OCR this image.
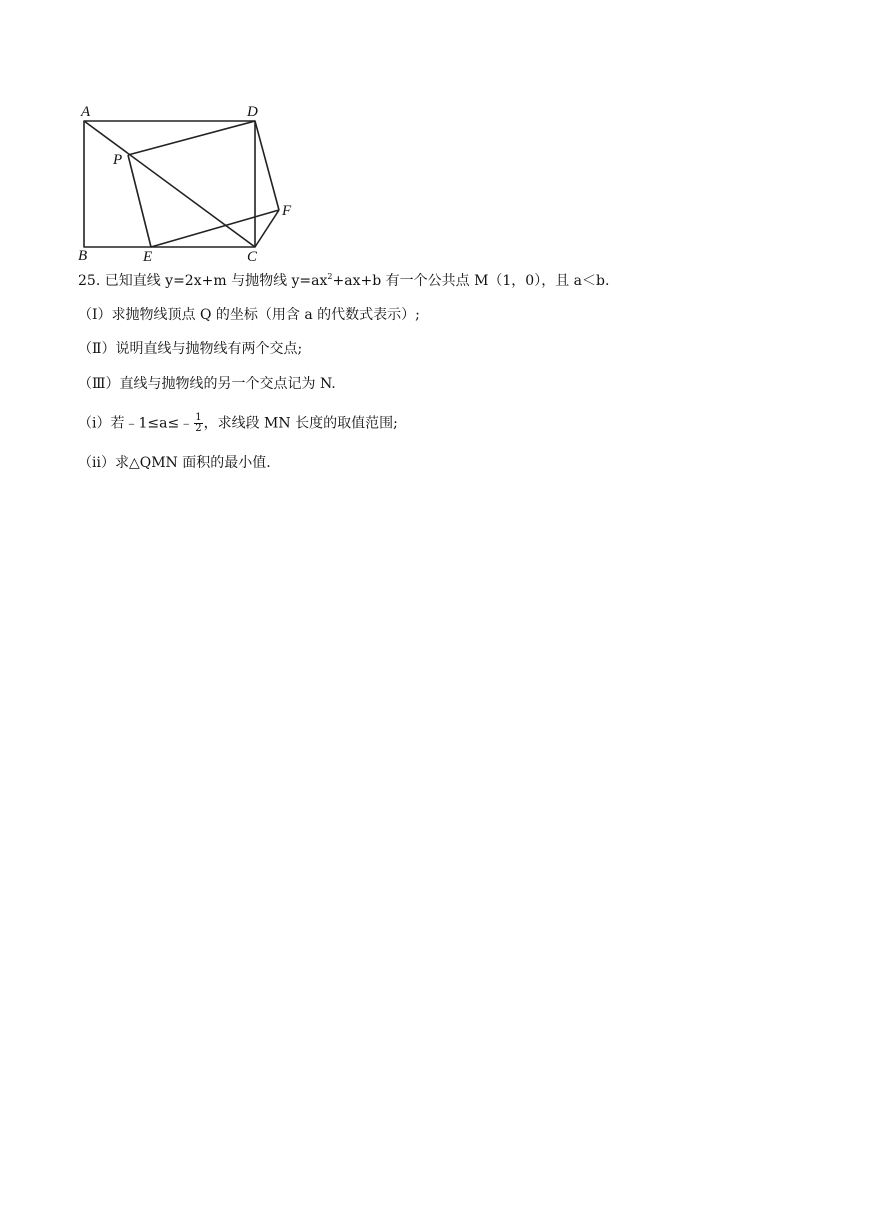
A	D
P
F
B	E	C
25. 已知直线 y=2x+m 与抛物线 $y=ax^2+ax+b$ 有一个公共点 M（1，0），且 a＜b.
（Ⅰ）求抛物线顶点 Q 的坐标（用含 a 的代数式表示）;
（Ⅱ）说明直线与抛物线有两个交点;
（Ⅲ）直线与抛物线的另一个交点记为 N.
（ⅰ）若﹣1≤a≤﹣ $\frac{1}{2}$ ，求线段 MN 长度的取值范围;
（ⅱ）求△QMN 面积的最小值.
